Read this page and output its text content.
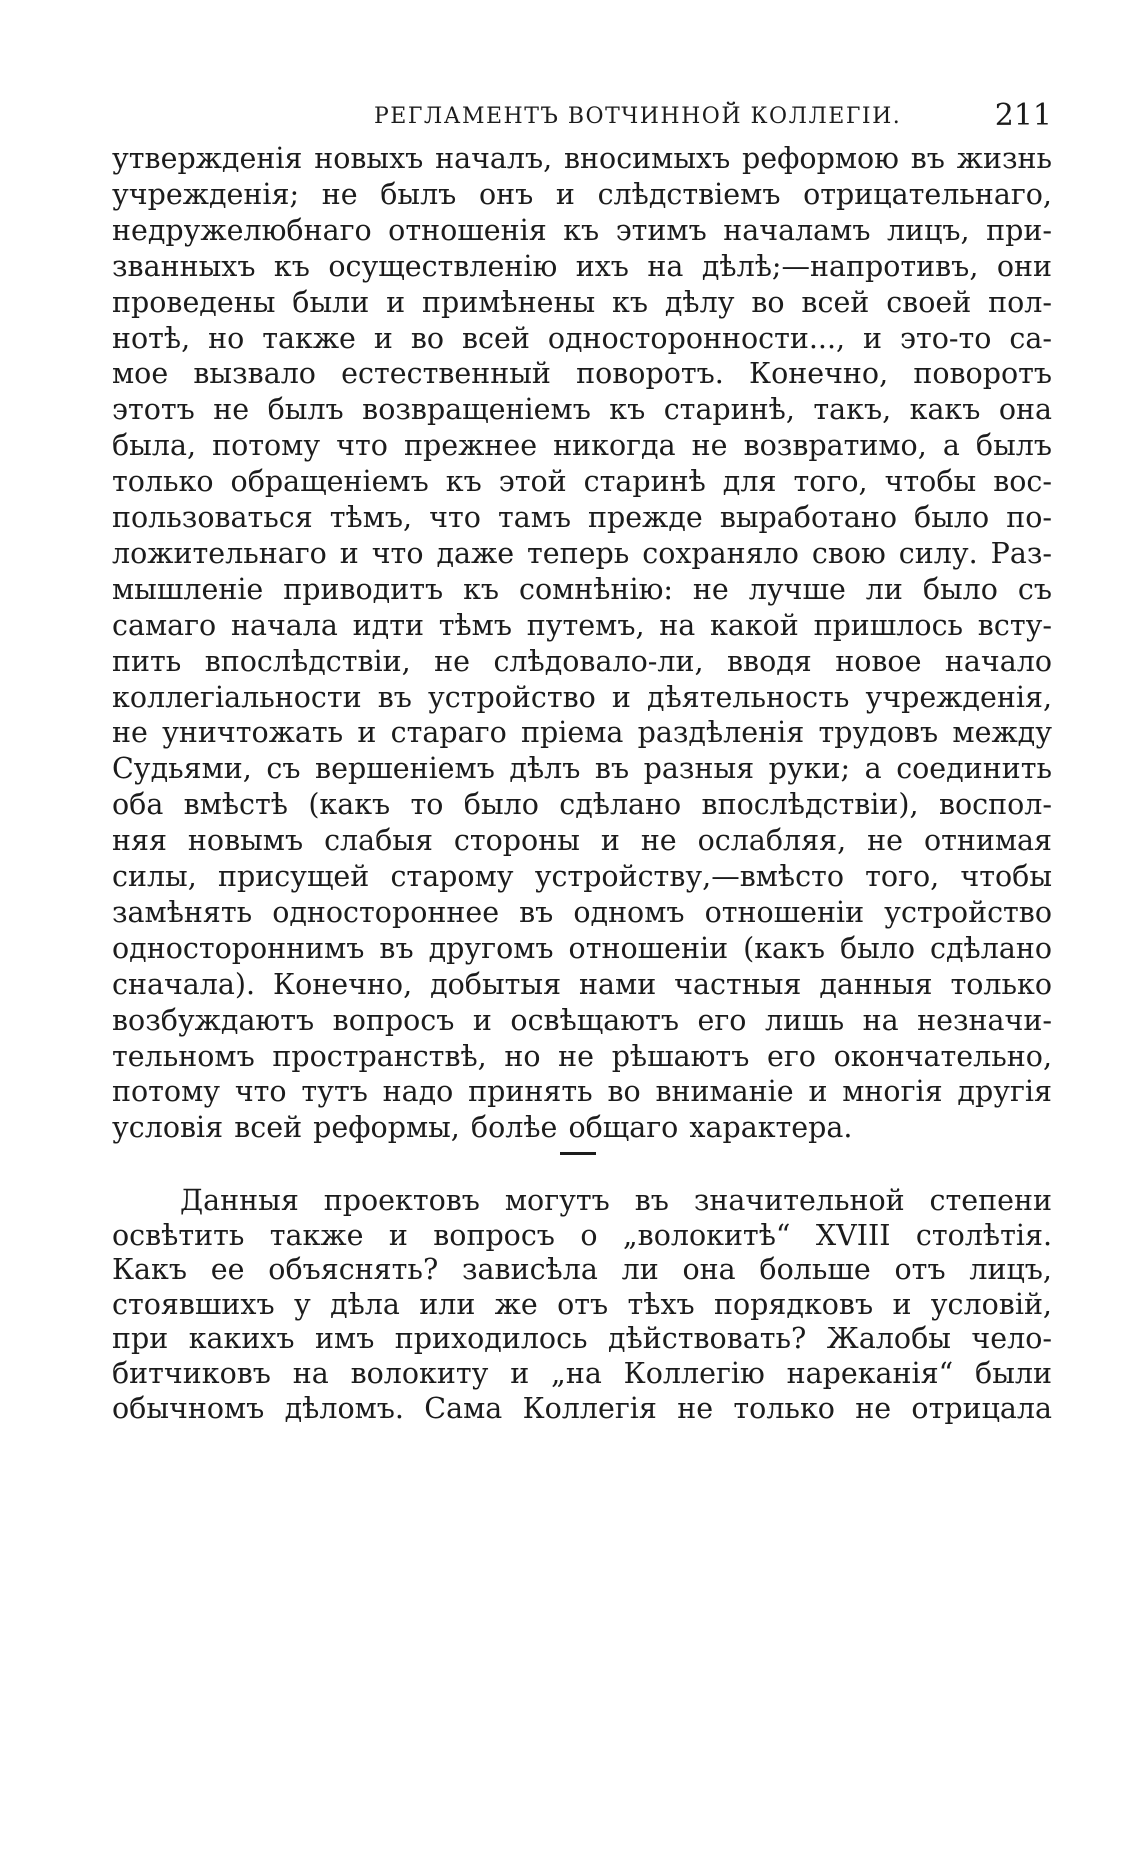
РЕГЛАМЕНТЪ ВОТЧИННОЙ КОЛЛЕГІИ.	211
утвержденія новыхъ началъ, вносимыхъ реформою въ жизнь
учрежденія; не былъ онъ и слѣдствіемъ отрицательнаго,
недружелюбнаго отношенія къ этимъ началамъ лицъ, при-
званныхъ къ осуществленію ихъ на дѣлѣ;—напротивъ, они
проведены были и примѣнены къ дѣлу во всей своей пол-
нотѣ, но также и во всей односторонности..., и это-то са-
мое вызвало естественный поворотъ. Конечно, поворотъ
этотъ не былъ возвращеніемъ къ старинѣ, такъ, какъ она
была, потому что прежнее никогда не возвратимо, а былъ
только обращеніемъ къ этой старинѣ для того, чтобы вос-
пользоваться тѣмъ, что тамъ прежде выработано было по-
ложительнаго и что даже теперь сохраняло свою силу. Раз-
мышленіе приводитъ къ сомнѣнію: не лучше ли было съ
самаго начала идти тѣмъ путемъ, на какой пришлось всту-
пить впослѣдствіи, не слѣдовало-ли, вводя новое начало
коллегіальности въ устройство и дѣятельность учрежденія,
не уничтожать и стараго пріема раздѣленія трудовъ между
Судьями, съ вершеніемъ дѣлъ въ разныя руки; а соединить
оба вмѣстѣ (какъ то было сдѣлано впослѣдствіи), воспол-
няя новымъ слабыя стороны и не ослабляя, не отнимая
силы, присущей старому устройству,—вмѣсто того, чтобы
замѣнять одностороннее въ одномъ отношеніи устройство
одностороннимъ въ другомъ отношеніи (какъ было сдѣлано
сначала). Конечно, добытыя нами частныя данныя только
возбуждаютъ вопросъ и освѣщаютъ его лишь на незначи-
тельномъ пространствѣ, но не рѣшаютъ его окончательно,
потому что тутъ надо принять во вниманіе и многія другія
условія всей реформы, болѣе общаго характера.
Данныя проектовъ могутъ въ значительной степени
освѣтить также и вопросъ о „волокитѣ“ XVIII столѣтія.
Какъ ее объяснять? зависѣла ли она больше отъ лицъ,
стоявшихъ у дѣла или же отъ тѣхъ порядковъ и условій,
при какихъ имъ приходилось дѣйствовать? Жалобы чело-
битчиковъ на волокиту и „на Коллегію нареканія“ были
обычномъ дѣломъ. Сама Коллегія не только не отрицала
